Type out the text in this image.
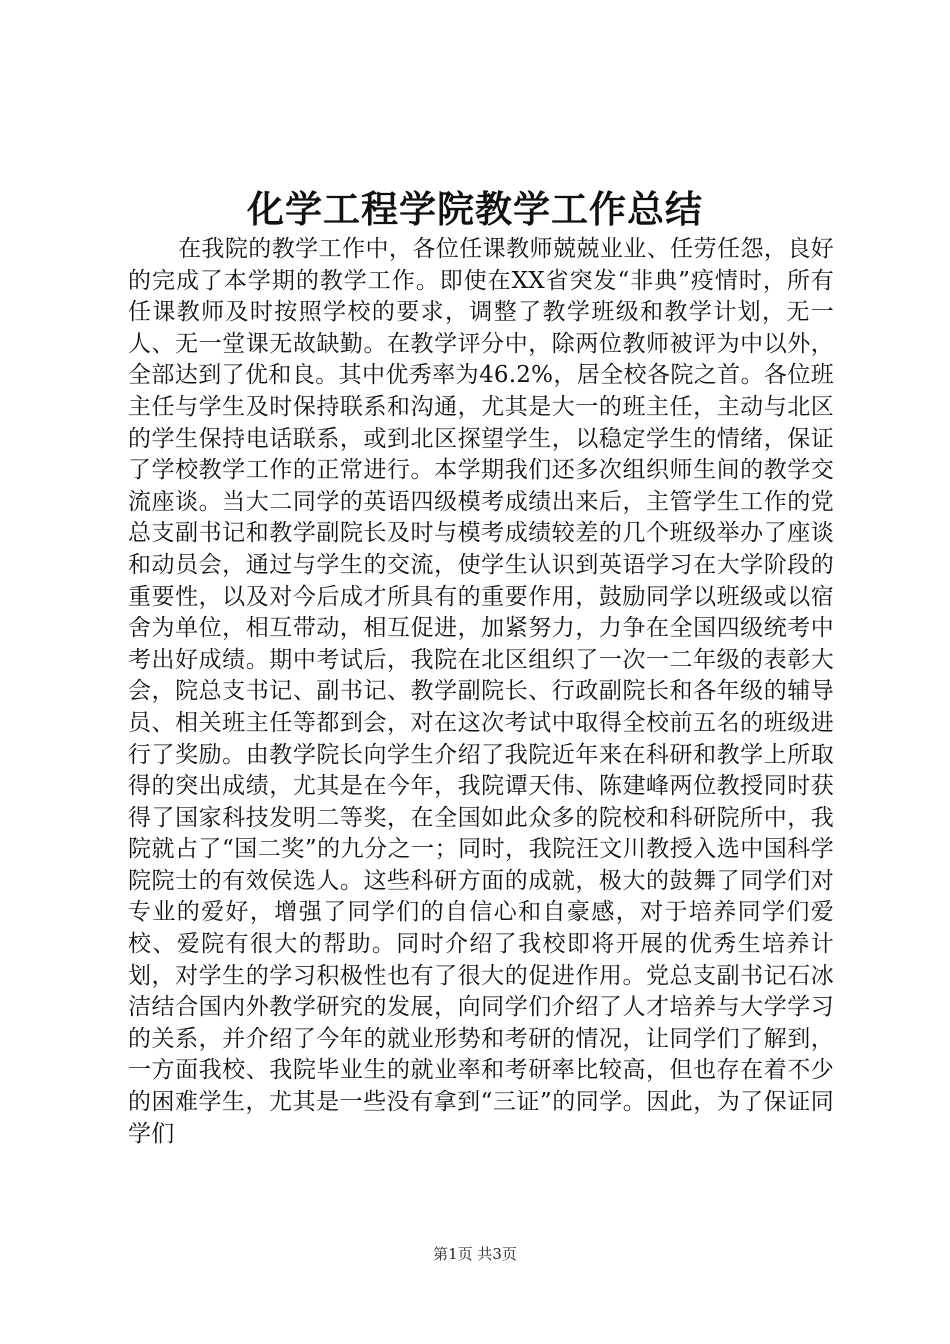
化学工程学院教学工作总结

在我院的教学工作中，各位任课教师兢兢业业、任劳任怨，良好的完成了本学期的教学工作。即使在XX省突发“非典”疫情时，所有任课教师及时按照学校的要求，调整了教学班级和教学计划，无一人、无一堂课无故缺勤。在教学评分中，除两位教师被评为中以外，全部达到了优和良。其中优秀率为46.2%，居全校各院之首。各位班主任与学生及时保持联系和沟通，尤其是大一的班主任，主动与北区的学生保持电话联系，或到北区探望学生，以稳定学生的情绪，保证了学校教学工作的正常进行。本学期我们还多次组织师生间的教学交流座谈。当大二同学的英语四级模考成绩出来后，主管学生工作的党总支副书记和教学副院长及时与模考成绩较差的几个班级举办了座谈和动员会，通过与学生的交流，使学生认识到英语学习在大学阶段的重要性，以及对今后成才所具有的重要作用，鼓励同学以班级或以宿舍为单位，相互带动，相互促进，加紧努力，力争在全国四级统考中考出好成绩。期中考试后，我院在北区组织了一次一二年级的表彰大会，院总支书记、副书记、教学副院长、行政副院长和各年级的辅导员、相关班主任等都到会，对在这次考试中取得全校前五名的班级进行了奖励。由教学院长向学生介绍了我院近年来在科研和教学上所取得的突出成绩，尤其是在今年，我院谭天伟、陈建峰两位教授同时获得了国家科技发明二等奖，在全国如此众多的院校和科研院所中，我院就占了“国二奖”的九分之一；同时，我院汪文川教授入选中国科学院院士的有效侯选人。这些科研方面的成就，极大的鼓舞了同学们对专业的爱好，增强了同学们的自信心和自豪感，对于培养同学们爱校、爱院有很大的帮助。同时介绍了我校即将开展的优秀生培养计划，对学生的学习积极性也有了很大的促进作用。党总支副书记石冰洁结合国内外教学研究的发展，向同学们介绍了人才培养与大学学习的关系，并介绍了今年的就业形势和考研的情况，让同学们了解到，一方面我校、我院毕业生的就业率和考研率比较高，但也存在着不少的困难学生，尤其是一些没有拿到“三证”的同学。因此，为了保证同学们

第1页 共3页
